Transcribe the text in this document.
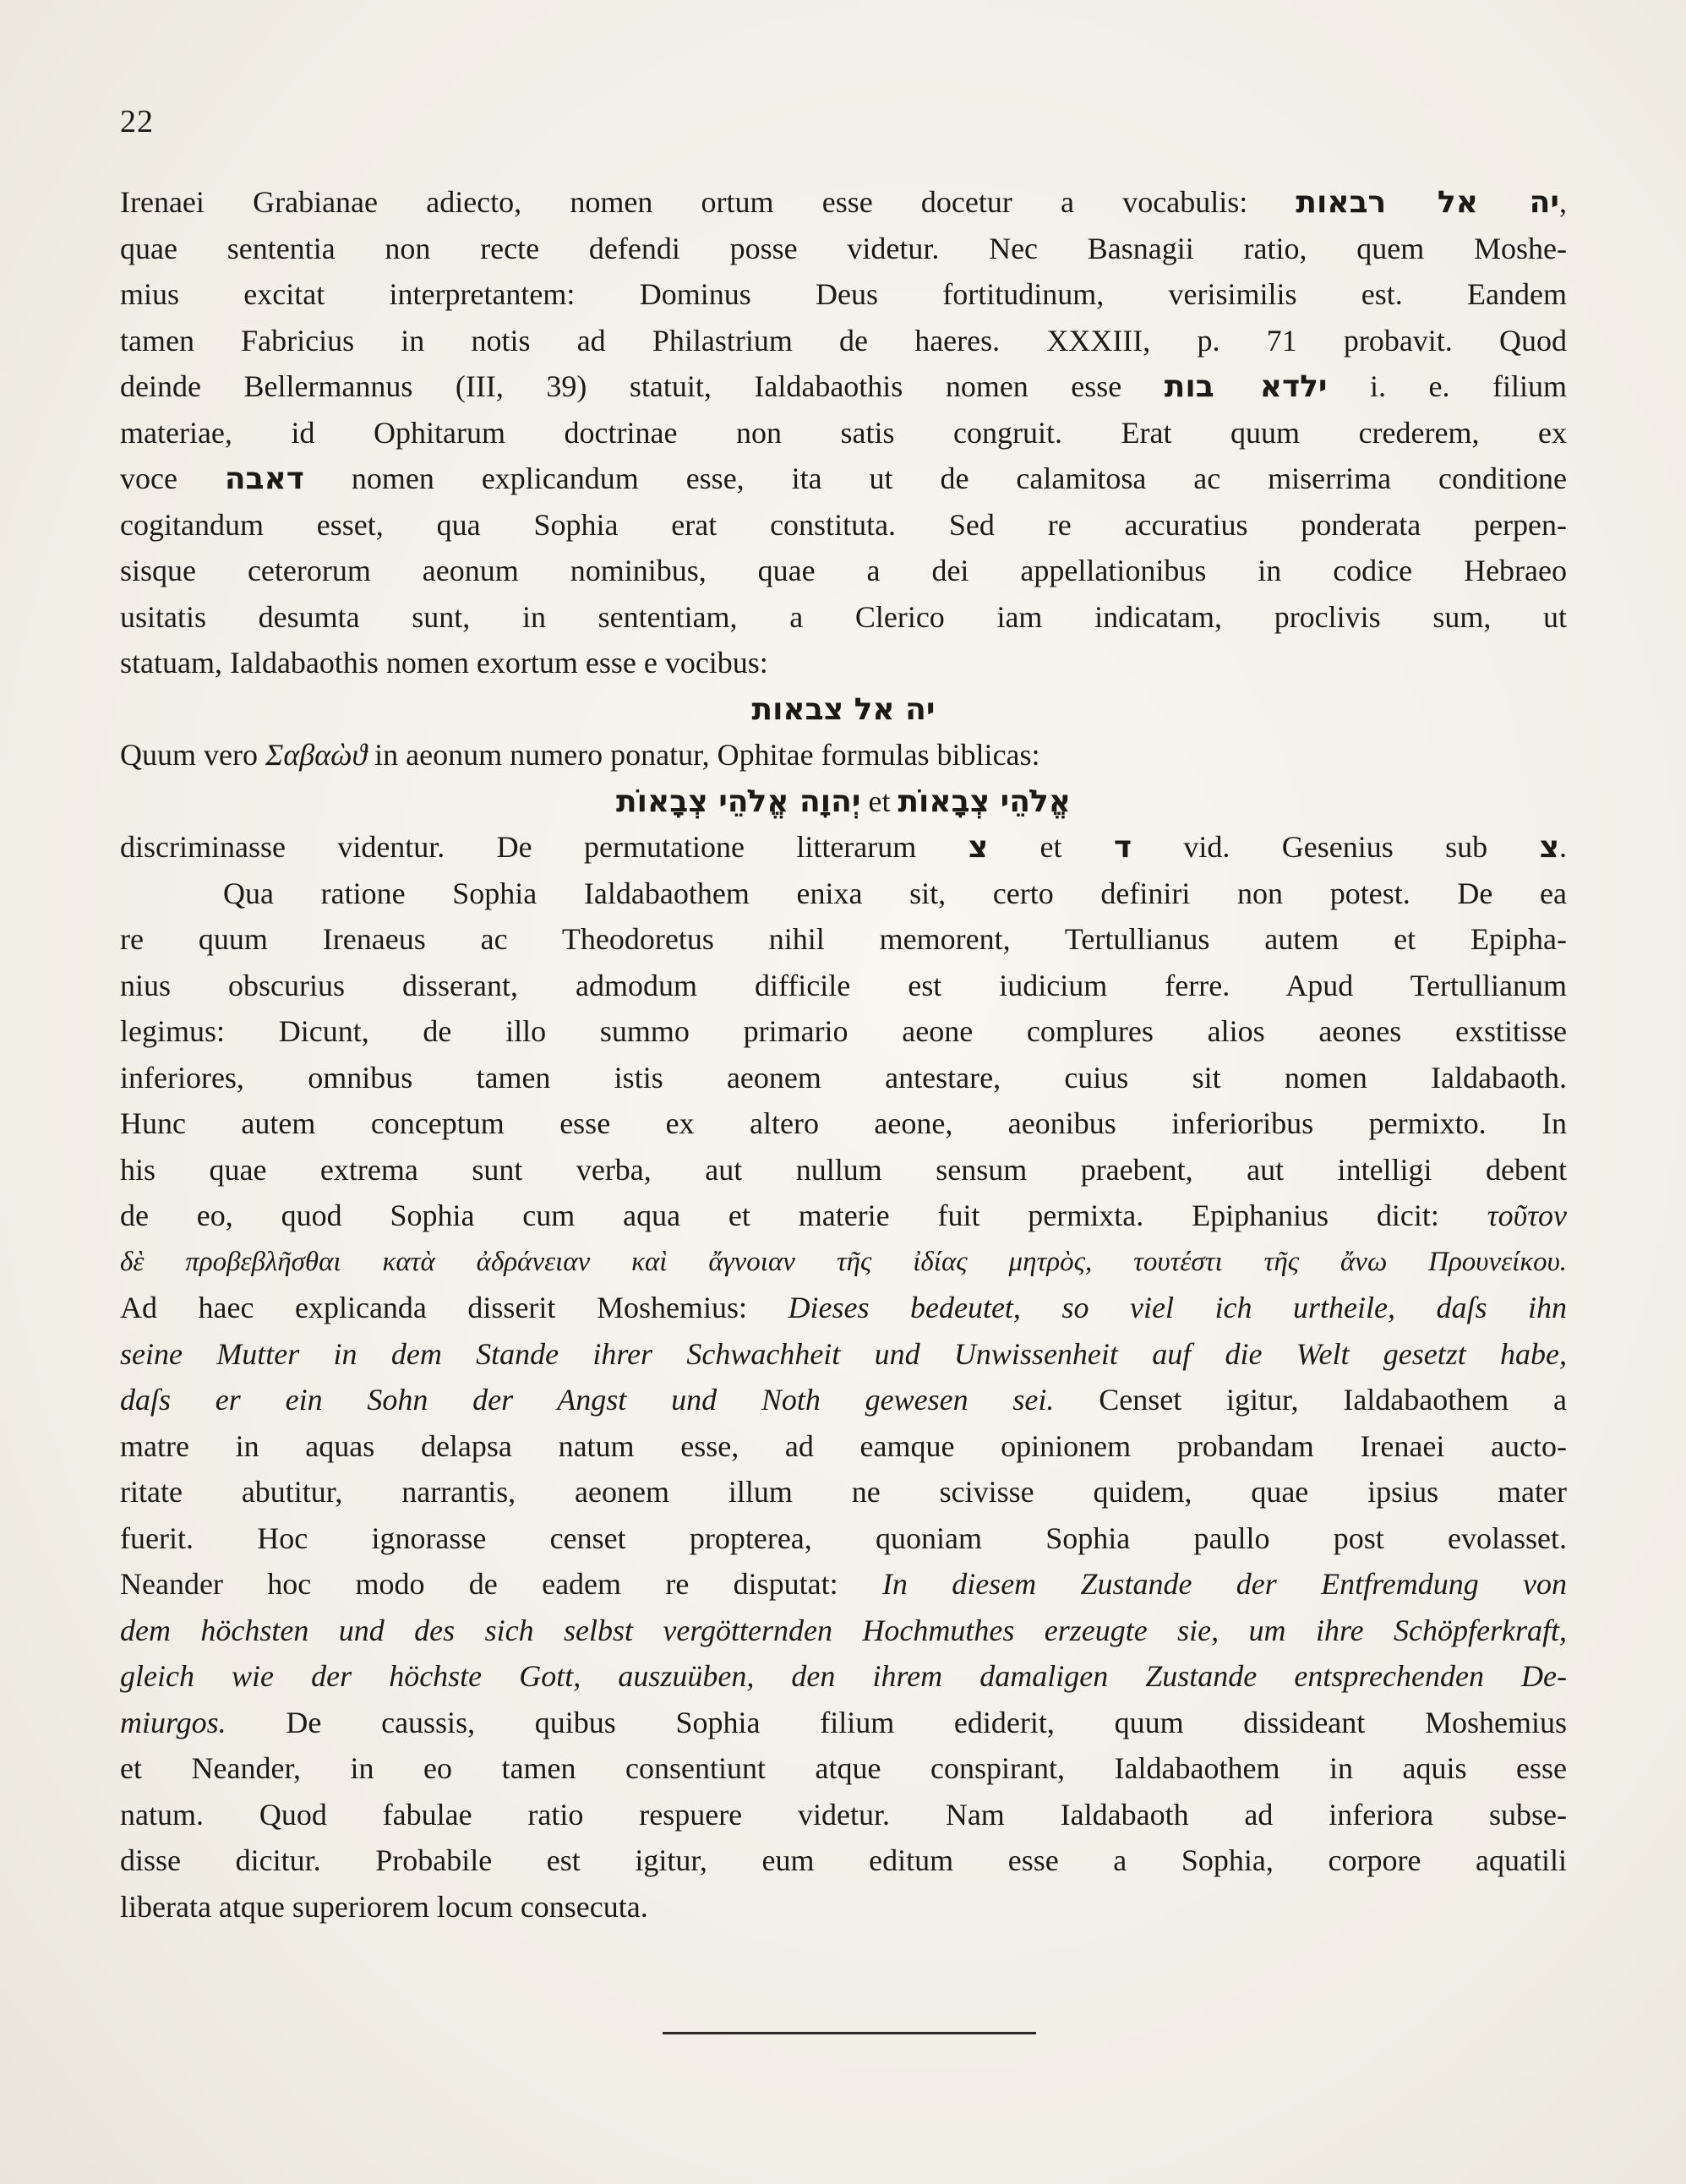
22
Irenaei Grabianae adiecto, nomen ortum esse docetur a vocabulis: יה אל רבאות,
quae sententia non recte defendi posse videtur. Nec Basnagii ratio, quem Moshe-
mius excitat interpretantem: Dominus Deus fortitudinum, verisimilis est. Eandem
tamen Fabricius in notis ad Philastrium de haeres. XXXIII, p. 71 probavit. Quod
deinde Bellermannus (III, 39) statuit, Ialdabaothis nomen esse ילדא בות i. e. filium
materiae, id Ophitarum doctrinae non satis congruit. Erat quum crederem, ex
voce דאבה nomen explicandum esse, ita ut de calamitosa ac miserrima conditione
cogitandum esset, qua Sophia erat constituta. Sed re accuratius ponderata perpen-
sisque ceterorum aeonum nominibus, quae a dei appellationibus in codice Hebraeo
usitatis desumta sunt, in sententiam, a Clerico iam indicatam, proclivis sum, ut
statuam, Ialdabaothis nomen exortum esse e vocibus:
יה אל צבאות
Quum vero Σαβαὼϑ in aeonum numero ponatur, Ophitae formulas biblicas:
יְהוָה אֱלֹהֵי צְבָאוֹת et אֱלֹהֵי צְבָאוֹת
discriminasse videntur. De permutatione litterarum צ et ד vid. Gesenius sub צ.
Qua ratione Sophia Ialdabaothem enixa sit, certo definiri non potest. De ea
re quum Irenaeus ac Theodoretus nihil memorent, Tertullianus autem et Epipha-
nius obscurius disserant, admodum difficile est iudicium ferre. Apud Tertullianum
legimus: Dicunt, de illo summo primario aeone complures alios aeones exstitisse
inferiores, omnibus tamen istis aeonem antestare, cuius sit nomen Ialdabaoth.
Hunc autem conceptum esse ex altero aeone, aeonibus inferioribus permixto. In
his quae extrema sunt verba, aut nullum sensum praebent, aut intelligi debent
de eo, quod Sophia cum aqua et materie fuit permixta. Epiphanius dicit: τοῦτον
δὲ προβεβλῆσθαι κατὰ ἀδράνειαν καὶ ἄγνοιαν τῆς ἰδίας μητρὸς, τουτέστι τῆς ἄνω Προυνείκου.
Ad haec explicanda disserit Moshemius: Dieses bedeutet, so viel ich urtheile, daſs ihn
seine Mutter in dem Stande ihrer Schwachheit und Unwissenheit auf die Welt gesetzt habe,
daſs er ein Sohn der Angst und Noth gewesen sei. Censet igitur, Ialdabaothem a
matre in aquas delapsa natum esse, ad eamque opinionem probandam Irenaei aucto-
ritate abutitur, narrantis, aeonem illum ne scivisse quidem, quae ipsius mater
fuerit. Hoc ignorasse censet propterea, quoniam Sophia paullo post evolasset.
Neander hoc modo de eadem re disputat: In diesem Zustande der Entfremdung von
dem höchsten und des sich selbst vergötternden Hochmuthes erzeugte sie, um ihre Schöpferkraft,
gleich wie der höchste Gott, auszuüben, den ihrem damaligen Zustande entsprechenden De-
miurgos. De caussis, quibus Sophia filium ediderit, quum dissideant Moshemius
et Neander, in eo tamen consentiunt atque conspirant, Ialdabaothem in aquis esse
natum. Quod fabulae ratio respuere videtur. Nam Ialdabaoth ad inferiora subse-
disse dicitur. Probabile est igitur, eum editum esse a Sophia, corpore aquatili
liberata atque superiorem locum consecuta.
